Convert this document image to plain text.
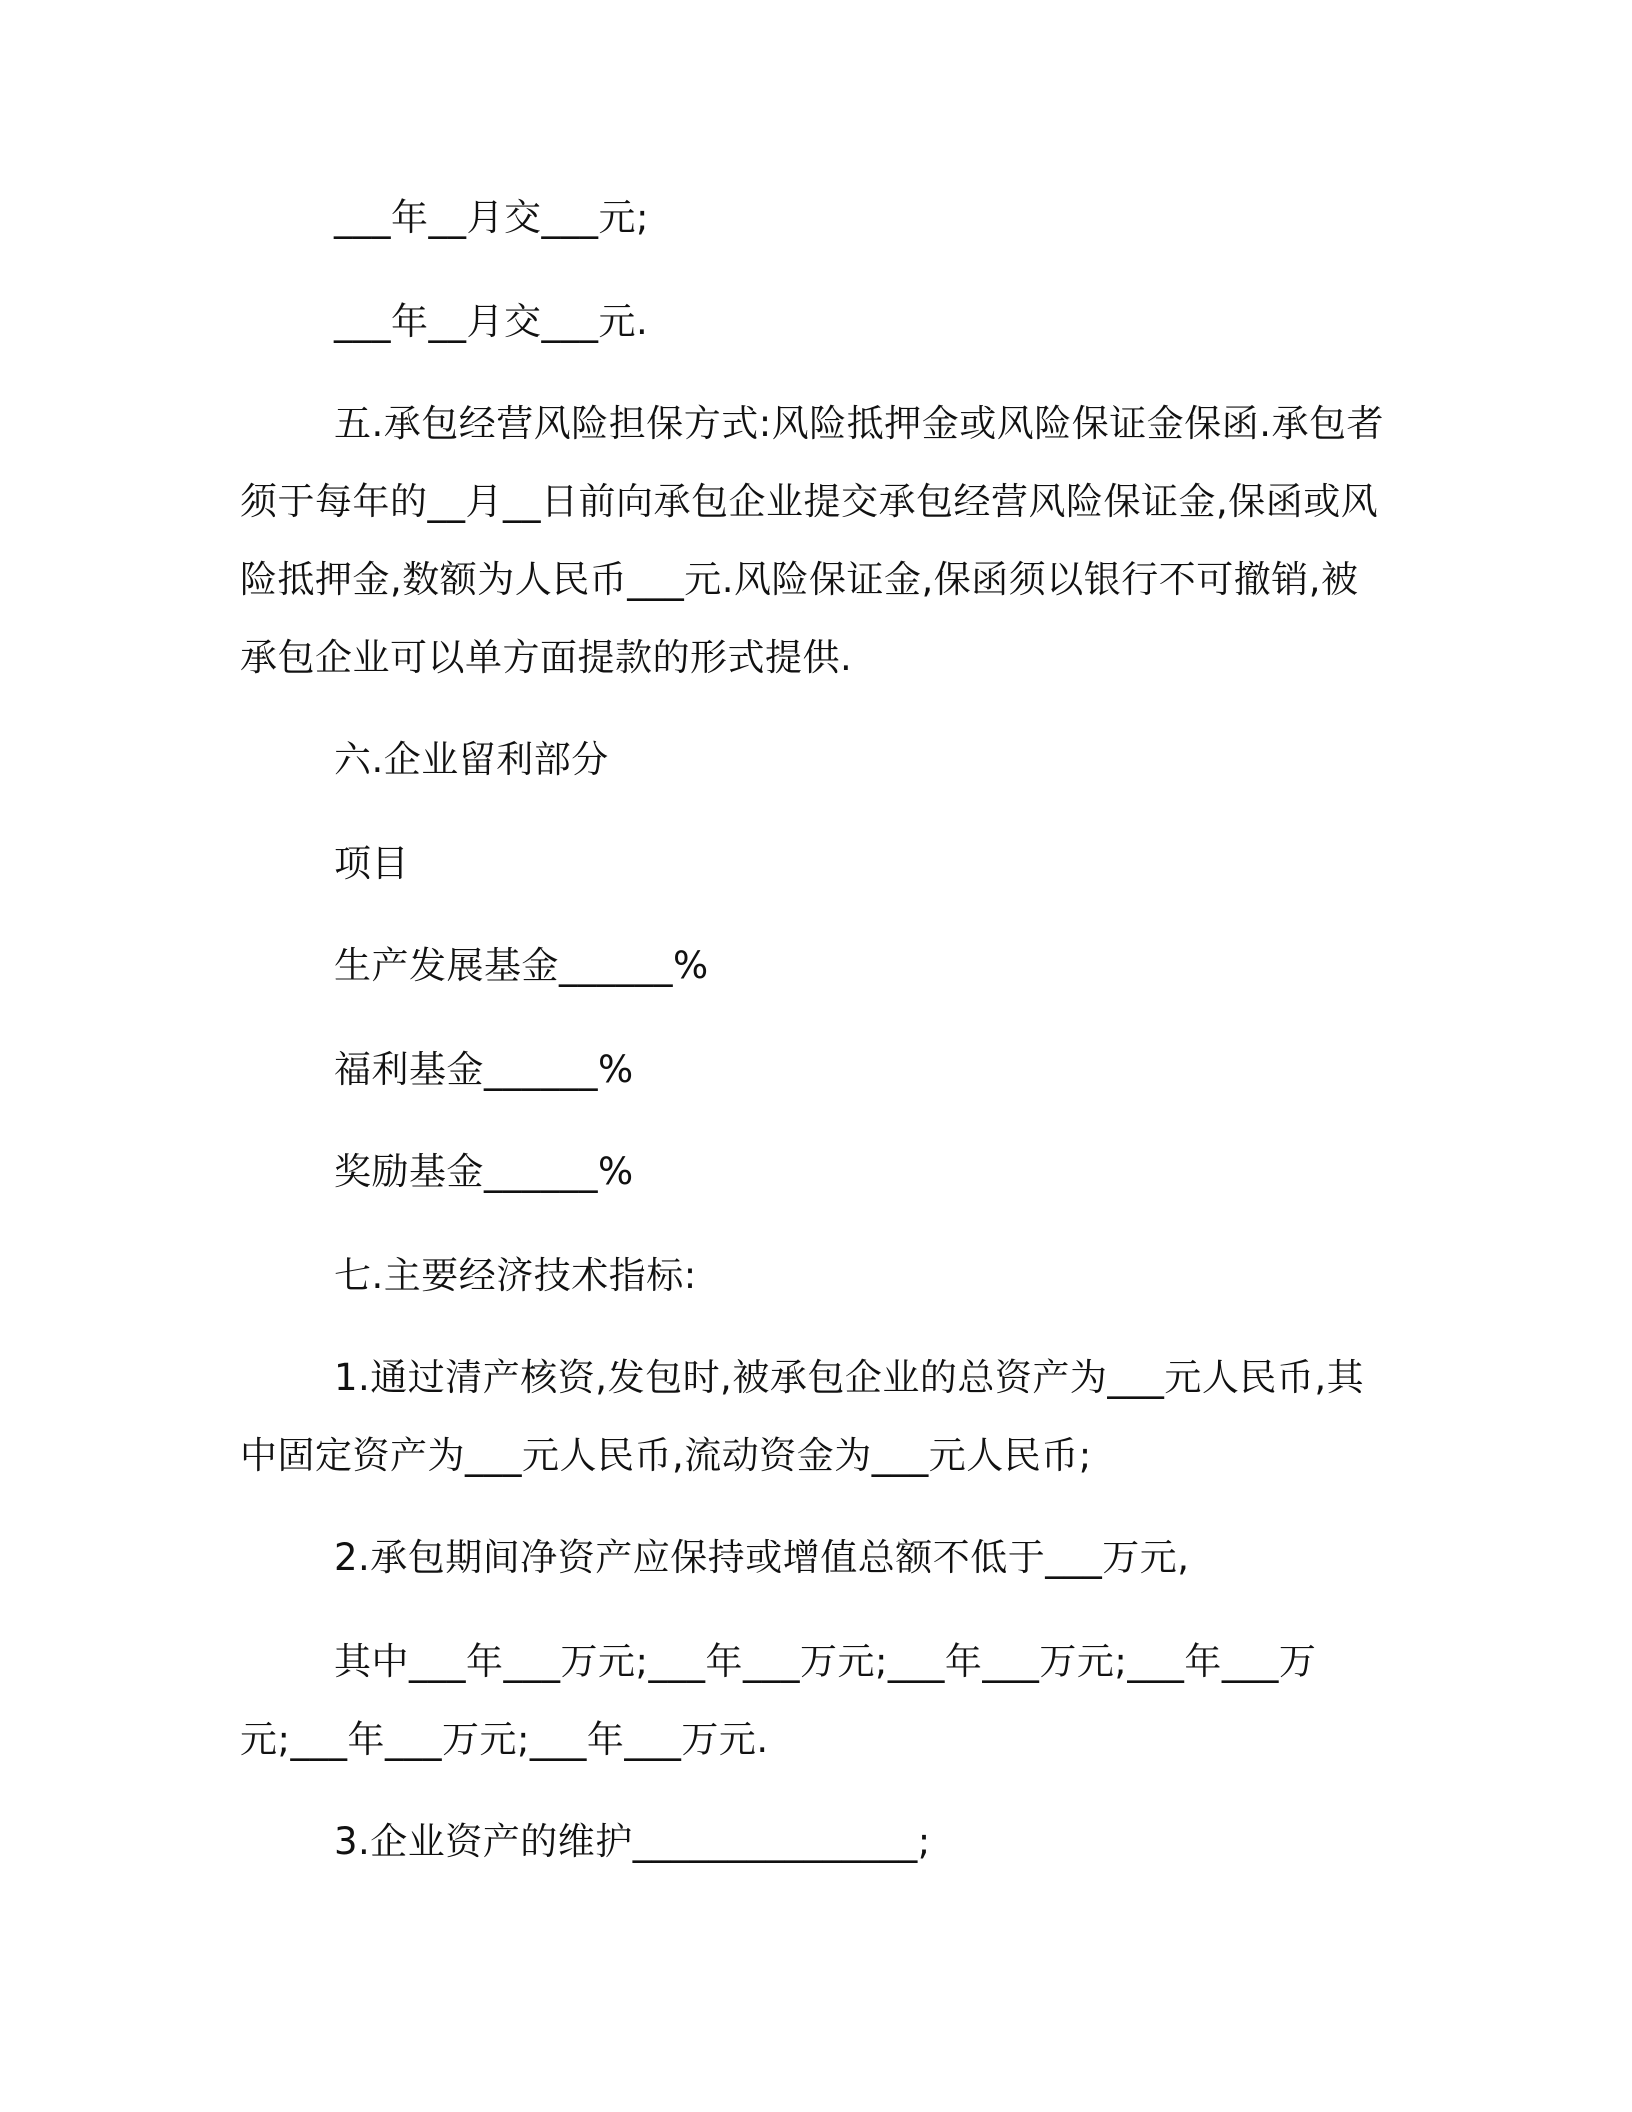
___年__月交___元;
___年__月交___元.
五.承包经营风险担保方式:风险抵押金或风险保证金保函.承包者
须于每年的__月__日前向承包企业提交承包经营风险保证金,保函或风
险抵押金,数额为人民币___元.风险保证金,保函须以银行不可撤销,被
承包企业可以单方面提款的形式提供.
六.企业留利部分
项目
生产发展基金______%
福利基金______%
奖励基金______%
七.主要经济技术指标:
1.通过清产核资,发包时,被承包企业的总资产为___元人民币,其
中固定资产为___元人民币,流动资金为___元人民币;
2.承包期间净资产应保持或增值总额不低于___万元,
其中___年___万元;___年___万元;___年___万元;___年___万
元;___年___万元;___年___万元.
3.企业资产的维护_______________;
